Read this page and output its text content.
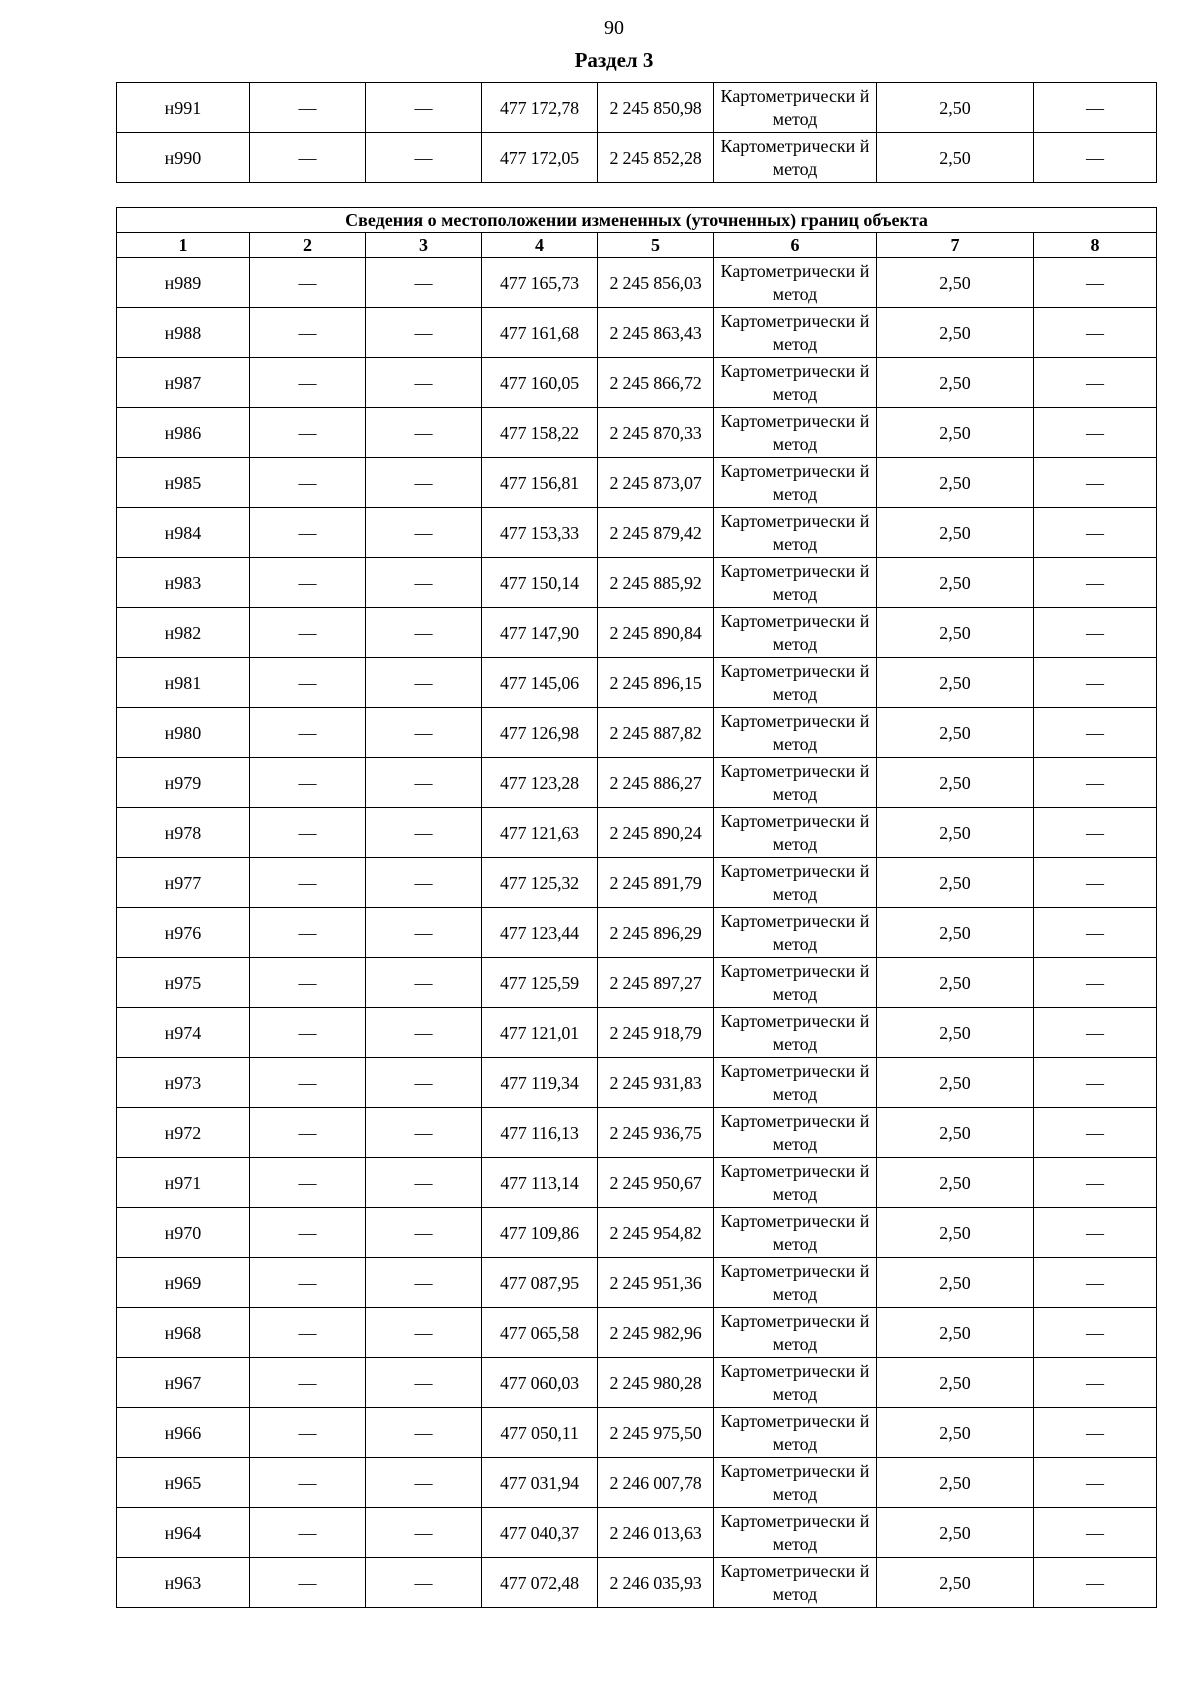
90
Раздел 3
н991	—	—	477 172,78	2 245 850,98	Картометрически й метод	2,50	—
н990	—	—	477 172,05	2 245 852,28	Картометрически й метод	2,50	—
Сведения о местоположении измененных (уточненных) границ объекта							
1	2	3	4	5	6	7	8
н989	—	—	477 165,73	2 245 856,03	Картометрически й метод	2,50	—
н988	—	—	477 161,68	2 245 863,43	Картометрически й метод	2,50	—
н987	—	—	477 160,05	2 245 866,72	Картометрически й метод	2,50	—
н986	—	—	477 158,22	2 245 870,33	Картометрически й метод	2,50	—
н985	—	—	477 156,81	2 245 873,07	Картометрически й метод	2,50	—
н984	—	—	477 153,33	2 245 879,42	Картометрически й метод	2,50	—
н983	—	—	477 150,14	2 245 885,92	Картометрически й метод	2,50	—
н982	—	—	477 147,90	2 245 890,84	Картометрически й метод	2,50	—
н981	—	—	477 145,06	2 245 896,15	Картометрически й метод	2,50	—
н980	—	—	477 126,98	2 245 887,82	Картометрически й метод	2,50	—
н979	—	—	477 123,28	2 245 886,27	Картометрически й метод	2,50	—
н978	—	—	477 121,63	2 245 890,24	Картометрически й метод	2,50	—
н977	—	—	477 125,32	2 245 891,79	Картометрически й метод	2,50	—
н976	—	—	477 123,44	2 245 896,29	Картометрически й метод	2,50	—
н975	—	—	477 125,59	2 245 897,27	Картометрически й метод	2,50	—
н974	—	—	477 121,01	2 245 918,79	Картометрически й метод	2,50	—
н973	—	—	477 119,34	2 245 931,83	Картометрически й метод	2,50	—
н972	—	—	477 116,13	2 245 936,75	Картометрически й метод	2,50	—
н971	—	—	477 113,14	2 245 950,67	Картометрически й метод	2,50	—
н970	—	—	477 109,86	2 245 954,82	Картометрически й метод	2,50	—
н969	—	—	477 087,95	2 245 951,36	Картометрически й метод	2,50	—
н968	—	—	477 065,58	2 245 982,96	Картометрически й метод	2,50	—
н967	—	—	477 060,03	2 245 980,28	Картометрически й метод	2,50	—
н966	—	—	477 050,11	2 245 975,50	Картометрически й метод	2,50	—
н965	—	—	477 031,94	2 246 007,78	Картометрически й метод	2,50	—
н964	—	—	477 040,37	2 246 013,63	Картометрически й метод	2,50	—
н963	—	—	477 072,48	2 246 035,93	Картометрически й метод	2,50	—
